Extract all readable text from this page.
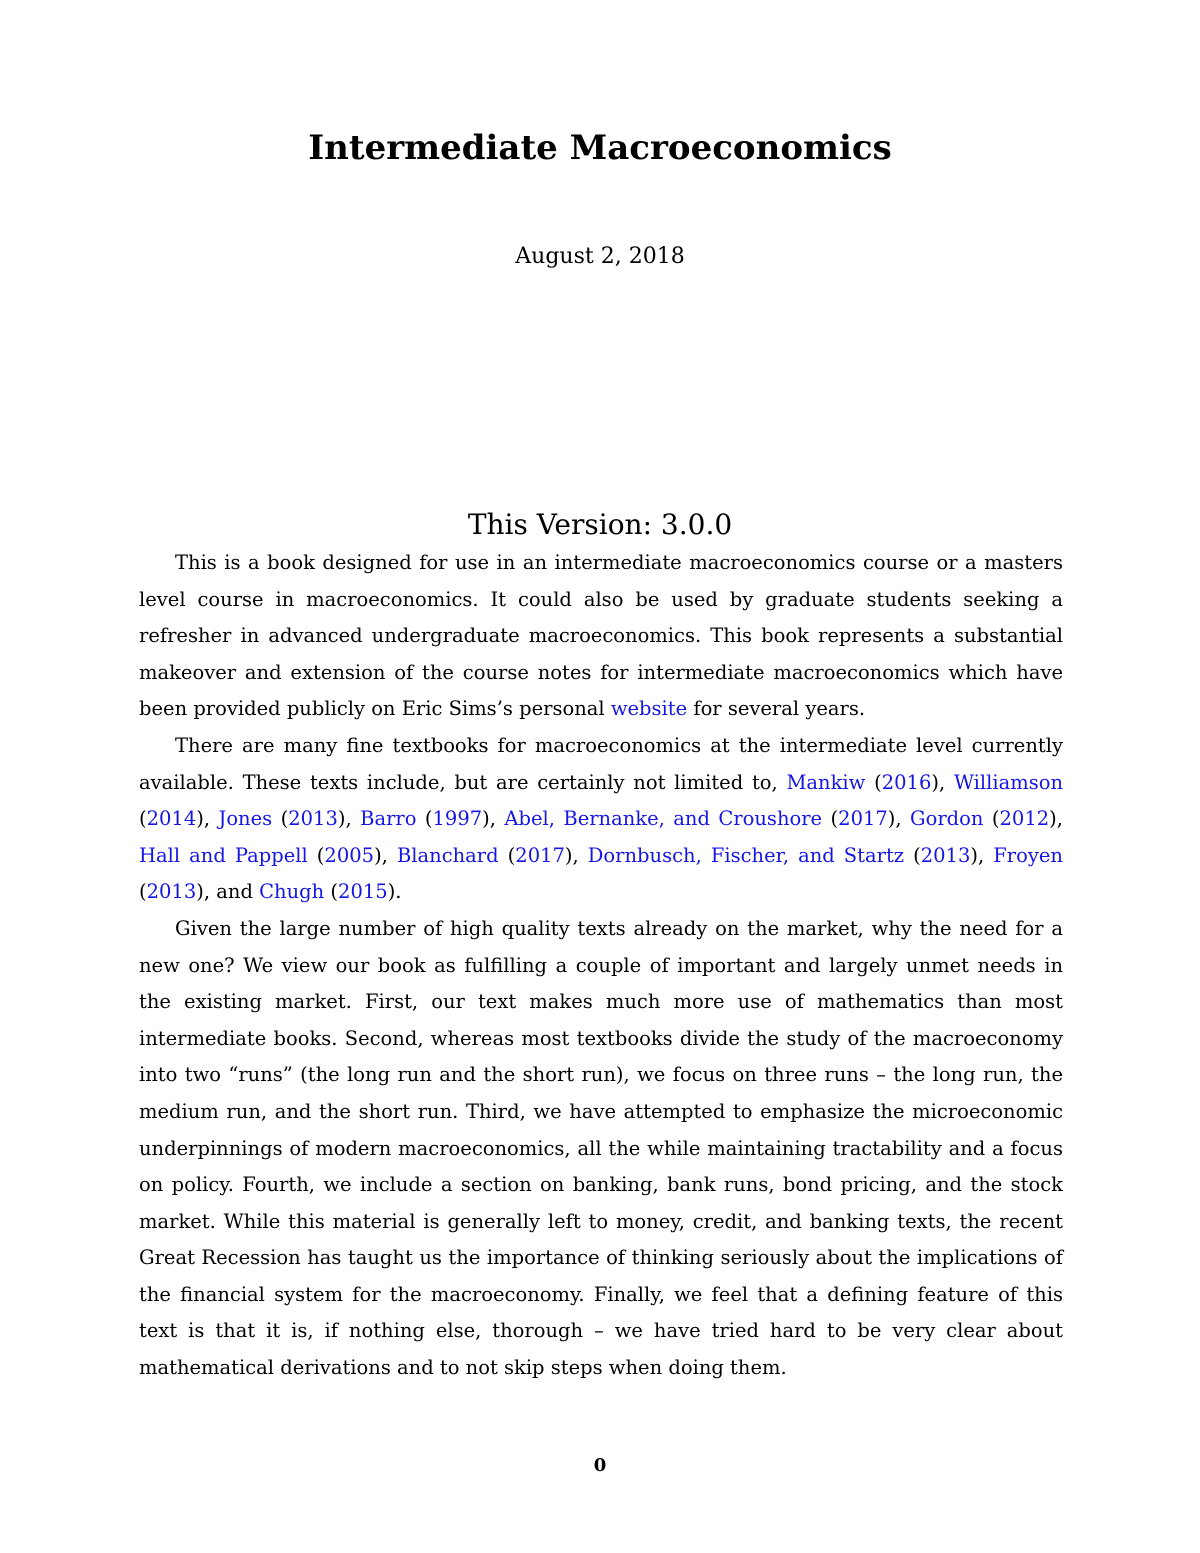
Intermediate Macroeconomics
August 2, 2018
This Version: 3.0.0

This is a book designed for use in an intermediate macroeconomics course or a masters level course in macroeconomics. It could also be used by graduate students seeking a refresher in advanced undergraduate macroeconomics. This book represents a substantial makeover and extension of the course notes for intermediate macroeconomics which have been provided publicly on Eric Sims’s personal website for several years.

There are many fine textbooks for macroeconomics at the intermediate level currently available. These texts include, but are certainly not limited to, Mankiw (2016), Williamson (2014), Jones (2013), Barro (1997), Abel, Bernanke, and Croushore (2017), Gordon (2012), Hall and Pappell (2005), Blanchard (2017), Dornbusch, Fischer, and Startz (2013), Froyen (2013), and Chugh (2015).

Given the large number of high quality texts already on the market, why the need for a new one? We view our book as fulfilling a couple of important and largely unmet needs in the existing market. First, our text makes much more use of mathematics than most intermediate books. Second, whereas most textbooks divide the study of the macroeconomy into two “runs” (the long run and the short run), we focus on three runs – the long run, the medium run, and the short run. Third, we have attempted to emphasize the microeconomic underpinnings of modern macroeconomics, all the while maintaining tractability and a focus on policy. Fourth, we include a section on banking, bank runs, bond pricing, and the stock market. While this material is generally left to money, credit, and banking texts, the recent Great Recession has taught us the importance of thinking seriously about the implications of the financial system for the macroeconomy. Finally, we feel that a defining feature of this text is that it is, if nothing else, thorough – we have tried hard to be very clear about mathematical derivations and to not skip steps when doing them.

0
